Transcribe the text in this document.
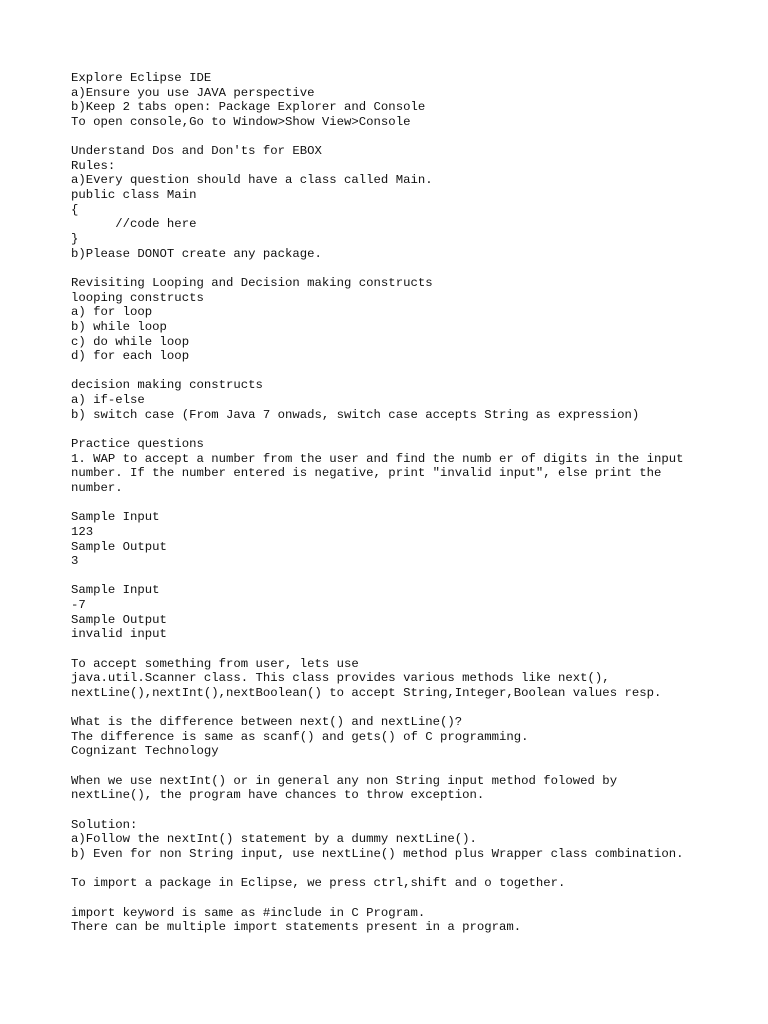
Explore Eclipse IDE
a)Ensure you use JAVA perspective
b)Keep 2 tabs open: Package Explorer and Console
To open console,Go to Window>Show View>Console
Understand Dos and Don'ts for EBOX
Rules:
a)Every question should have a class called Main.
public class Main
{
//code here
}
b)Please DONOT create any package.
Revisiting Looping and Decision making constructs
looping constructs
a) for loop
b) while loop
c) do while loop
d) for each loop
decision making constructs
a) if-else
b) switch case (From Java 7 onwads, switch case accepts String as expression)
Practice questions
1. WAP to accept a number from the user and find the numb er of digits in the input
number. If the number entered is negative, print "invalid input", else print the
number.
Sample Input
123
Sample Output
3
Sample Input
-7
Sample Output
invalid input
To accept something from user, lets use
java.util.Scanner class. This class provides various methods like next(),
nextLine(),nextInt(),nextBoolean() to accept String,Integer,Boolean values resp.
What is the difference between next() and nextLine()?
The difference is same as scanf() and gets() of C programming.
Cognizant Technology
When we use nextInt() or in general any non String input method folowed by
nextLine(), the program have chances to throw exception.
Solution:
a)Follow the nextInt() statement by a dummy nextLine().
b) Even for non String input, use nextLine() method plus Wrapper class combination.
To import a package in Eclipse, we press ctrl,shift and o together.
import keyword is same as #include in C Program.
There can be multiple import statements present in a program.
